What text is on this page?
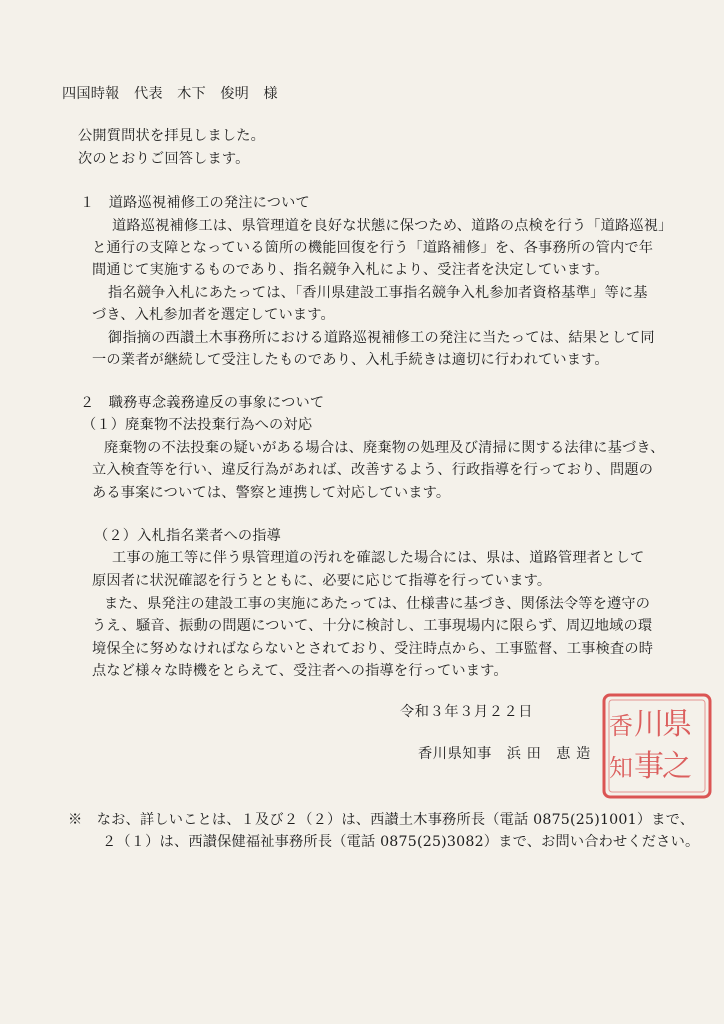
四国時報　代表　木下　俊明　様
公開質問状を拝見しました。
次のとおりご回答します。
１　道路巡視補修工の発注について
道路巡視補修工は、県管理道を良好な状態に保つため、道路の点検を行う「道路巡視」
と通行の支障となっている箇所の機能回復を行う「道路補修」を、各事務所の管内で年
間通じて実施するものであり、指名競争入札により、受注者を決定しています。
指名競争入札にあたっては、「香川県建設工事指名競争入札参加者資格基準」等に基
づき、入札参加者を選定しています。
御指摘の西讃土木事務所における道路巡視補修工の発注に当たっては、結果として同
一の業者が継続して受注したものであり、入札手続きは適切に行われています。
２　職務専念義務違反の事象について
（１）廃棄物不法投棄行為への対応
廃棄物の不法投棄の疑いがある場合は、廃棄物の処理及び清掃に関する法律に基づき、
立入検査等を行い、違反行為があれば、改善するよう、行政指導を行っており、問題の
ある事案については、警察と連携して対応しています。
（２）入札指名業者への指導
工事の施工等に伴う県管理道の汚れを確認した場合には、県は、道路管理者として
原因者に状況確認を行うとともに、必要に応じて指導を行っています。
また、県発注の建設工事の実施にあたっては、仕様書に基づき、関係法令等を遵守の
うえ、騒音、振動の問題について、十分に検討し、工事現場内に限らず、周辺地域の環
境保全に努めなければならないとされており、受注時点から、工事監督、工事検査の時
点など様々な時機をとらえて、受注者への指導を行っています。
令和３年３月２２日
香川県知事　浜 田　恵 造
県
之
川
事
香
知
※　なお、詳しいことは、１及び２（２）は、西讃土木事務所長（電話 0875(25)1001）まで、
２（１）は、西讃保健福祉事務所長（電話 0875(25)3082）まで、お問い合わせください。
